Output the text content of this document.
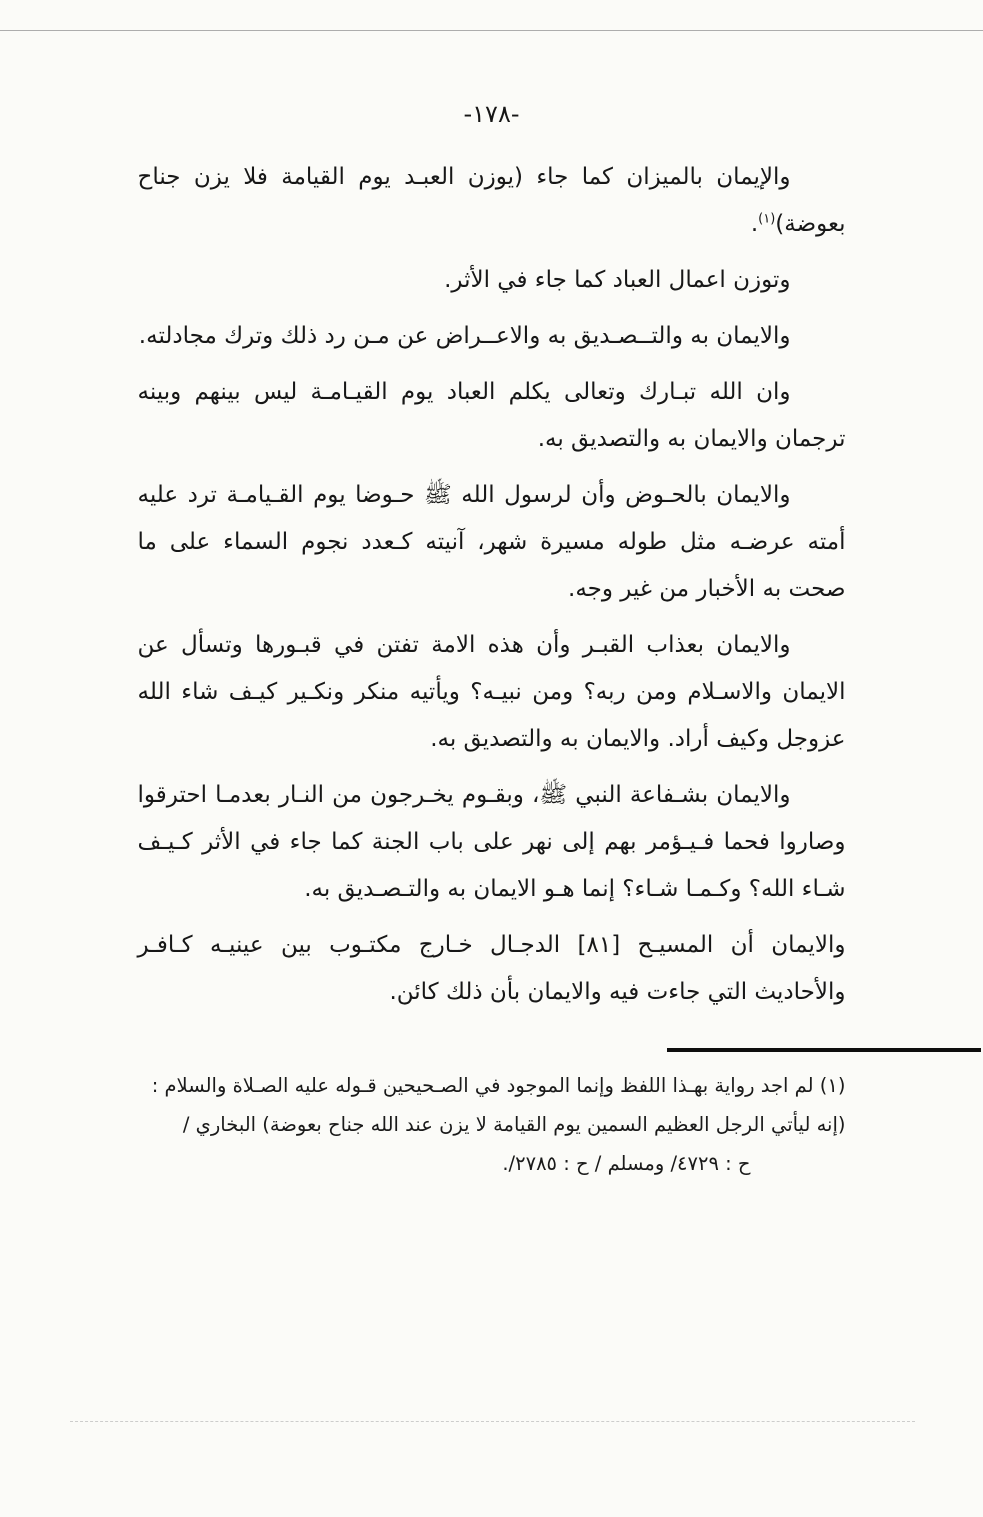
-١٧٨-

والإيمان بالميزان كما جاء (يوزن العبـد يوم القيامة فلا يزن جناح بعوضة)$^{(١)}$.

وتوزن اعمال العباد كما جاء في الأثر.

والايمان به والتــصـديق به والاعــراض عن مـن رد ذلك وترك مجادلته.

وان الله تبـارك وتعالى يكلم العباد يوم القيـامـة ليس بينهم وبينه ترجمان والايمان به والتصديق به.

والايمان بالحـوض وأن لرسول الله ﷺ حـوضا يوم القـيامـة ترد عليه أمته عرضـه مثل طوله مسيرة شهر، آنيته كـعدد نجوم السماء على ما صحت به الأخبار من غير وجه.

والايمان بعذاب القبـر وأن هذه الامة تفتن في قبـورها وتسأل عن الايمان والاسـلام ومن ربه؟ ومن نبيـه؟ ويأتيه منكر ونكـير كيـف شاء الله عزوجل وكيف أراد. والايمان به والتصديق به.

والايمان بشـفاعة النبي ﷺ، وبقـوم يخـرجون من النـار بعدمـا احترقوا وصاروا فحما فـيـؤمر بهم إلى نهر على باب الجنة كما جاء في الأثر كـيـف شـاء الله؟ وكـمـا شـاء؟ إنما هـو الايمان به والتـصـديق به.

والايمان أن المسيـح [٨١] الدجـال خـارج مكتـوب بين عينيـه كـافـر والأحاديث التي جاءت فيه والايمان بأن ذلك كائن.

(١) لم اجد رواية بهـذا اللفظ وإنما الموجود في الصـحيحين قـوله عليه الصـلاة والسلام :
(إنه ليأتي الرجل العظيم السمين يوم القيامة لا يزن عند الله جناح بعوضة) البخاري /
ح : ٤٧٢٩/ ومسلم / ح : ٢٧٨٥/.
